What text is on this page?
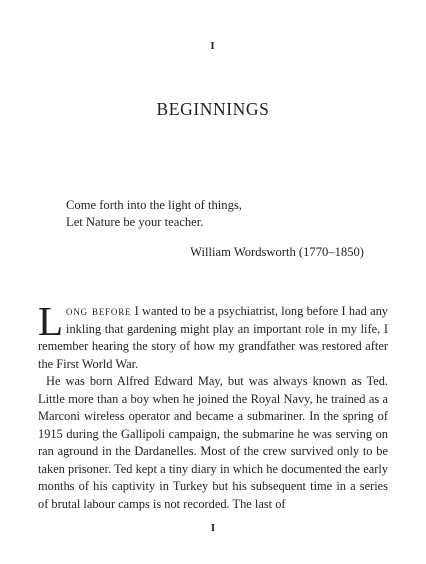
I
BEGINNINGS
Come forth into the light of things,
Let Nature be your teacher.
William Wordsworth (1770–1850)

Long before I wanted to be a psychiatrist, long before I had any inkling that gardening might play an important role in my life, I remember hearing the story of how my grandfather was restored after the First World War.

He was born Alfred Edward May, but was always known as Ted. Little more than a boy when he joined the Royal Navy, he trained as a Marconi wireless operator and became a submariner. In the spring of 1915 during the Gallipoli campaign, the submarine he was serving on ran aground in the Dardanelles. Most of the crew survived only to be taken prisoner. Ted kept a tiny diary in which he documented the early months of his captivity in Turkey but his subsequent time in a series of brutal labour camps is not recorded. The last of

I
